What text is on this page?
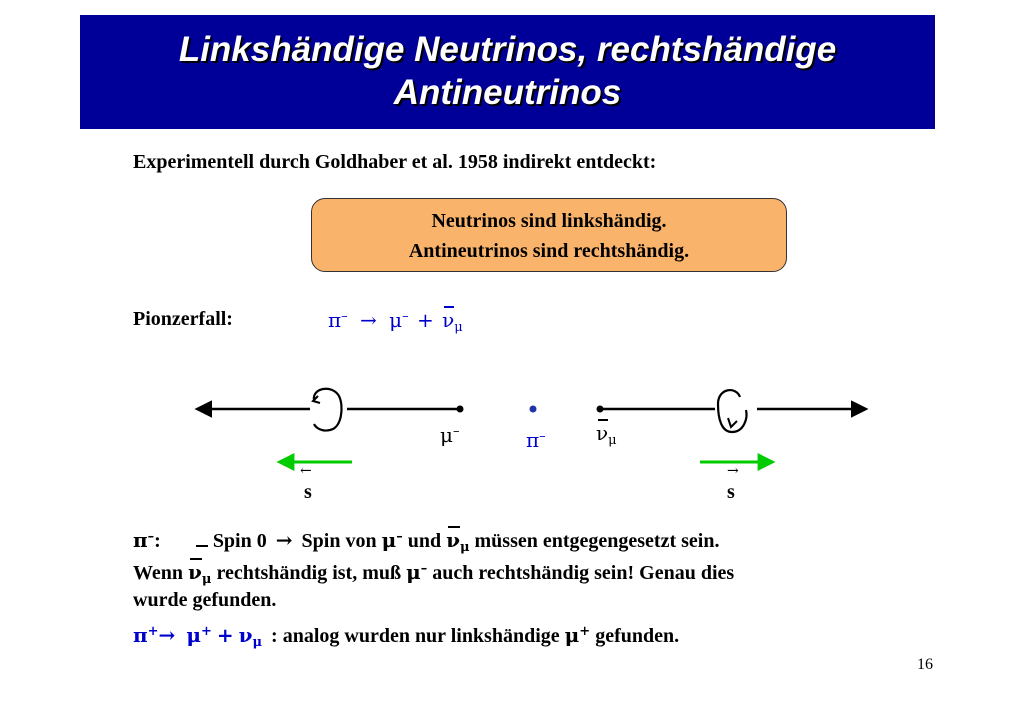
Linkshändige Neutrinos, rechtshändige
Antineutrinos
Experimentell durch Goldhaber et al. 1958 indirekt entdeckt:
Neutrinos sind linkshändig.
Antineutrinos sind rechtshändig.
Pionzerfall:	$\pi^- \to \mu^- + \nu_\mu$
μ–	π–	$\nu_\mu$
←
s
→
s
π–:	Spin 0 → Spin von μ– und $\nu_\mu$ müssen entgegengesetzt sein.
Wenn $\nu_\mu$ rechtshändig ist, muß μ– auch rechtshändig sein! Genau dies
wurde gefunden.
$\pi^+\to \mu^+ + \nu_\mu$ : analog wurden nur linkshändige μ+ gefunden.
16
